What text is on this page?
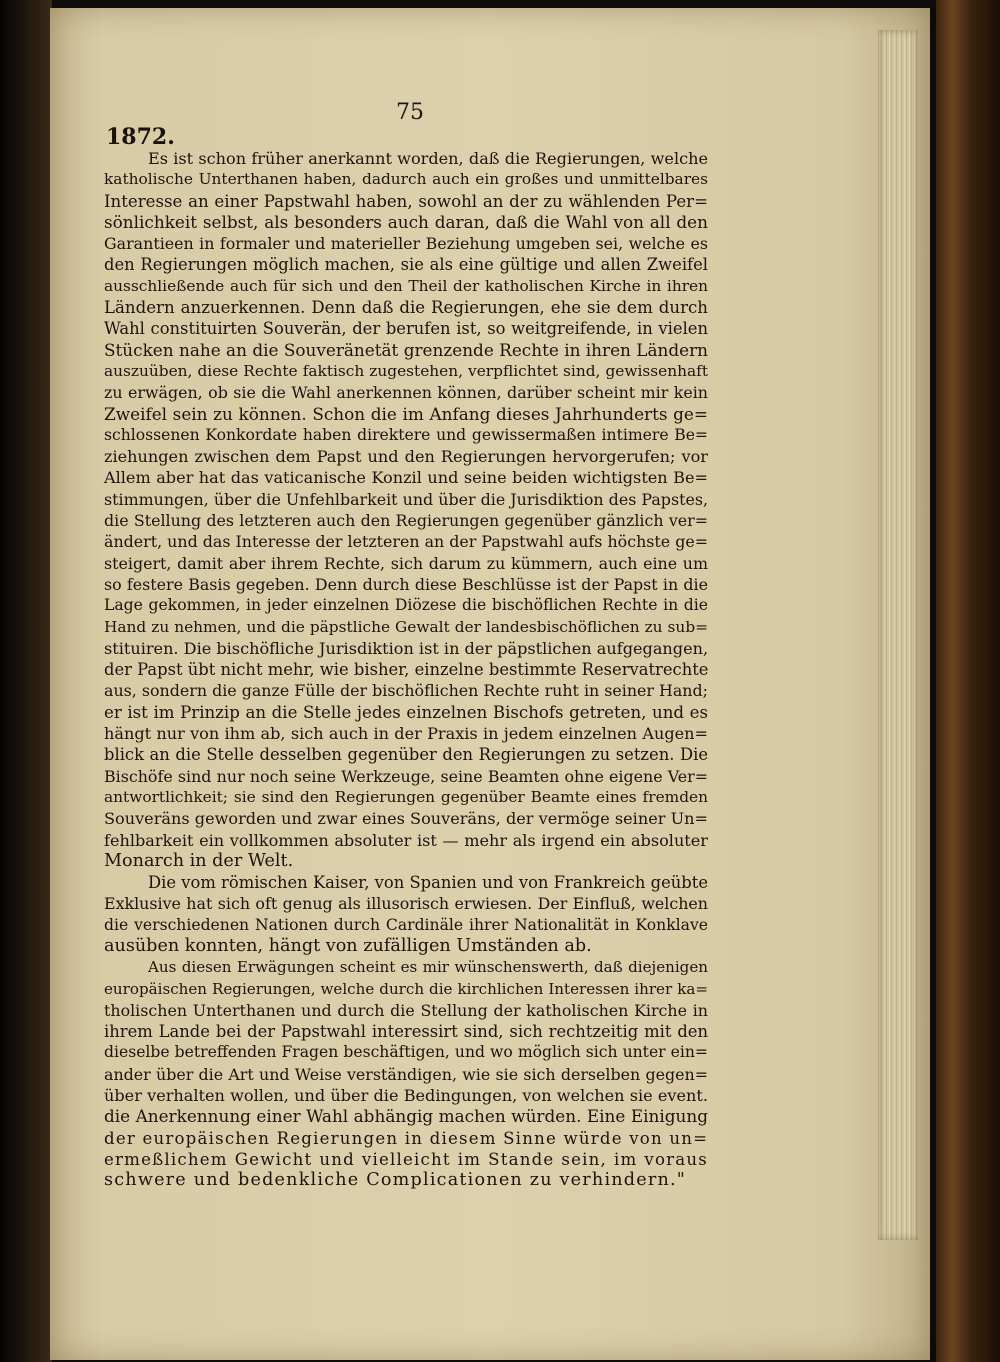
75
1872.
Es ist schon früher anerkannt worden, daß die Regierungen, welche
katholische Unterthanen haben, dadurch auch ein großes und unmittelbares
Interesse an einer Papstwahl haben, sowohl an der zu wählenden Per=
sönlichkeit selbst, als besonders auch daran, daß die Wahl von all den
Garantieen in formaler und materieller Beziehung umgeben sei, welche es
den Regierungen möglich machen, sie als eine gültige und allen Zweifel
ausschließende auch für sich und den Theil der katholischen Kirche in ihren
Ländern anzuerkennen. Denn daß die Regierungen, ehe sie dem durch
Wahl constituirten Souverän, der berufen ist, so weitgreifende, in vielen
Stücken nahe an die Souveränetät grenzende Rechte in ihren Ländern
auszuüben, diese Rechte faktisch zugestehen, verpflichtet sind, gewissenhaft
zu erwägen, ob sie die Wahl anerkennen können, darüber scheint mir kein
Zweifel sein zu können. Schon die im Anfang dieses Jahrhunderts ge=
schlossenen Konkordate haben direktere und gewissermaßen intimere Be=
ziehungen zwischen dem Papst und den Regierungen hervorgerufen; vor
Allem aber hat das vaticanische Konzil und seine beiden wichtigsten Be=
stimmungen, über die Unfehlbarkeit und über die Jurisdiktion des Papstes,
die Stellung des letzteren auch den Regierungen gegenüber gänzlich ver=
ändert, und das Interesse der letzteren an der Papstwahl aufs höchste ge=
steigert, damit aber ihrem Rechte, sich darum zu kümmern, auch eine um
so festere Basis gegeben. Denn durch diese Beschlüsse ist der Papst in die
Lage gekommen, in jeder einzelnen Diözese die bischöflichen Rechte in die
Hand zu nehmen, und die päpstliche Gewalt der landesbischöflichen zu sub=
stituiren. Die bischöfliche Jurisdiktion ist in der päpstlichen aufgegangen,
der Papst übt nicht mehr, wie bisher, einzelne bestimmte Reservatrechte
aus, sondern die ganze Fülle der bischöflichen Rechte ruht in seiner Hand;
er ist im Prinzip an die Stelle jedes einzelnen Bischofs getreten, und es
hängt nur von ihm ab, sich auch in der Praxis in jedem einzelnen Augen=
blick an die Stelle desselben gegenüber den Regierungen zu setzen. Die
Bischöfe sind nur noch seine Werkzeuge, seine Beamten ohne eigene Ver=
antwortlichkeit; sie sind den Regierungen gegenüber Beamte eines fremden
Souveräns geworden und zwar eines Souveräns, der vermöge seiner Un=
fehlbarkeit ein vollkommen absoluter ist — mehr als irgend ein absoluter
Monarch in der Welt.
Die vom römischen Kaiser, von Spanien und von Frankreich geübte
Exklusive hat sich oft genug als illusorisch erwiesen. Der Einfluß, welchen
die verschiedenen Nationen durch Cardinäle ihrer Nationalität in Konklave
ausüben konnten, hängt von zufälligen Umständen ab.
Aus diesen Erwägungen scheint es mir wünschenswerth, daß diejenigen
europäischen Regierungen, welche durch die kirchlichen Interessen ihrer ka=
tholischen Unterthanen und durch die Stellung der katholischen Kirche in
ihrem Lande bei der Papstwahl interessirt sind, sich rechtzeitig mit den
dieselbe betreffenden Fragen beschäftigen, und wo möglich sich unter ein=
ander über die Art und Weise verständigen, wie sie sich derselben gegen=
über verhalten wollen, und über die Bedingungen, von welchen sie event.
die Anerkennung einer Wahl abhängig machen würden. Eine Einigung
der europäischen Regierungen in diesem Sinne würde von un=
ermeßlichem Gewicht und vielleicht im Stande sein, im voraus
schwere und bedenkliche Complicationen zu verhindern."
